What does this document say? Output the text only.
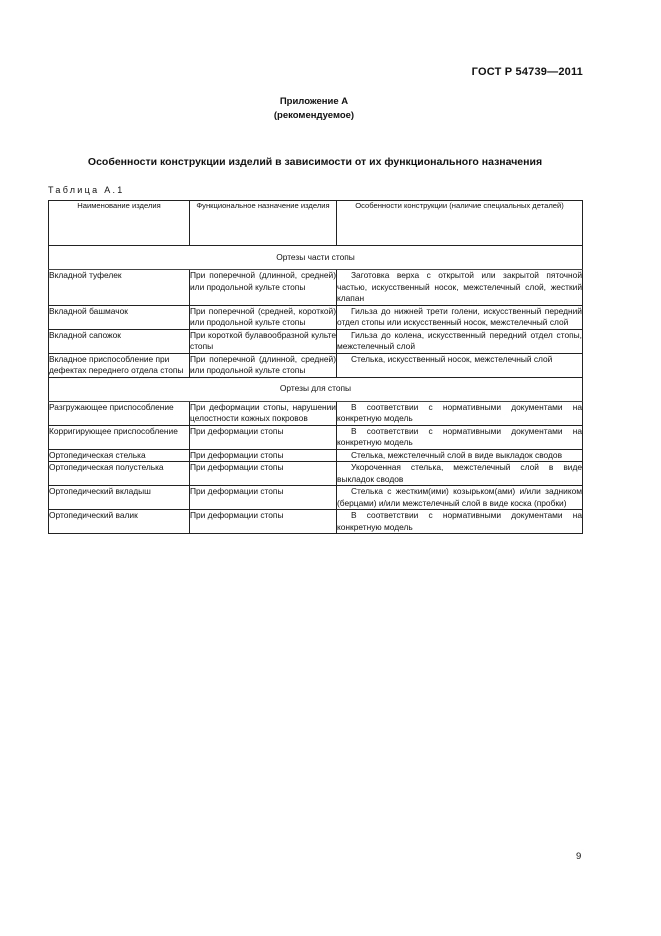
ГОСТ Р 54739—2011
Приложение А
(рекомендуемое)
Особенности конструкции изделий в зависимости от их функционального назначения
Таблица А.1
Наименование изделия	Функциональное назначение изделия	Особенности конструкции (наличие специальных деталей)
Ортезы части стопы		
Вкладной туфелек	При поперечной (длинной, средней) или продольной культе стопы	Заготовка верха с открытой или закрытой пяточной частью, искусственный носок, межстелечный слой, жесткий клапан
Вкладной башмачок	При поперечной (средней, короткой) или продольной культе стопы	Гильза до нижней трети голени, искусственный передний отдел стопы или искусственный носок, межстелечный слой
Вкладной сапожок	При короткой булавообразной культе стопы	Гильза до колена, искусственный передний отдел стопы, межстелечный слой
Вкладное приспособление при дефектах переднего отдела стопы	При поперечной (длинной, средней) или продольной культе стопы	Стелька, искусственный носок, межстелечный слой
Ортезы для стопы		
Разгружающее приспособление	При деформации стопы, нарушении целостности кожных покровов	В соответствии с нормативными документами на конкретную модель
Корригирующее приспособление	При деформации стопы	В соответствии с нормативными документами на конкретную модель
Ортопедическая стелька	При деформации стопы	Стелька, межстелечный слой в виде выкладок сводов
Ортопедическая полустелька	При деформации стопы	Укороченная стелька, межстелечный слой в виде выкладок сводов
Ортопедический вкладыш	При деформации стопы	Стелька с жестким(ими) козырьком(ами) и/или задником (берцами) и/или межстелечный слой в виде коска (пробки)
Ортопедический валик	При деформации стопы	В соответствии с нормативными документами на конкретную модель
9
